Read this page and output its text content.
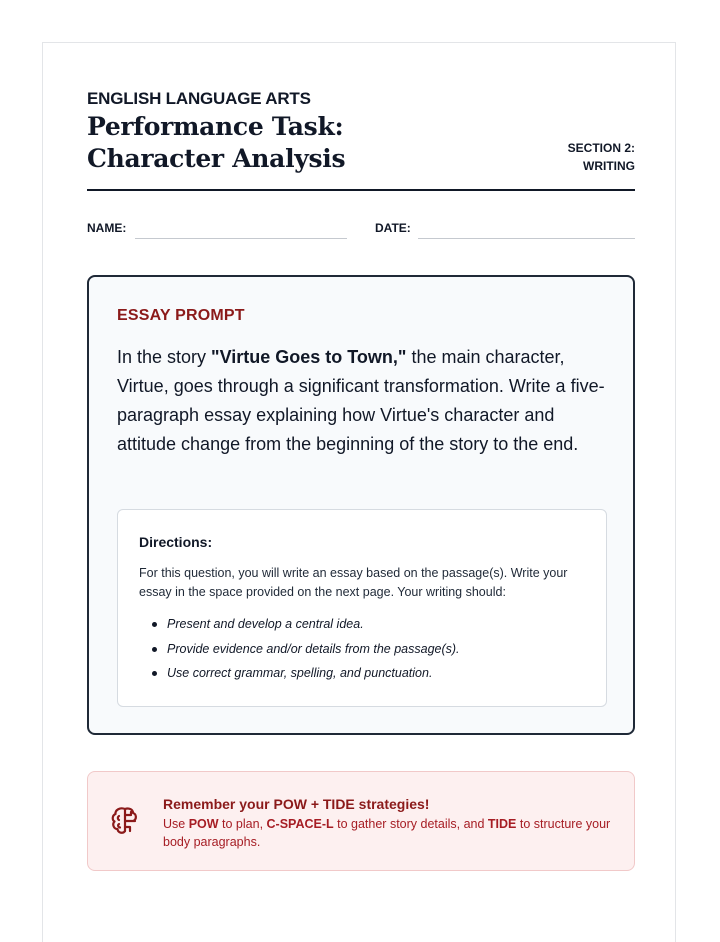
ENGLISH LANGUAGE ARTS
Performance Task: Character Analysis	SECTION 2:
WRITING
NAME:	DATE:
ESSAY PROMPT
In the story "Virtue Goes to Town," the main character, Virtue, goes through a significant transformation. Write a five-paragraph essay explaining how Virtue's character and attitude change from the beginning of the story to the end.
Directions:
For this question, you will write an essay based on the passage(s). Write your essay in the space provided on the next page. Your writing should:
Present and develop a central idea.
Provide evidence and/or details from the passage(s).
Use correct grammar, spelling, and punctuation.
Remember your POW + TIDE strategies!
Use POW to plan, C-SPACE-L to gather story details, and TIDE to structure your body paragraphs.
